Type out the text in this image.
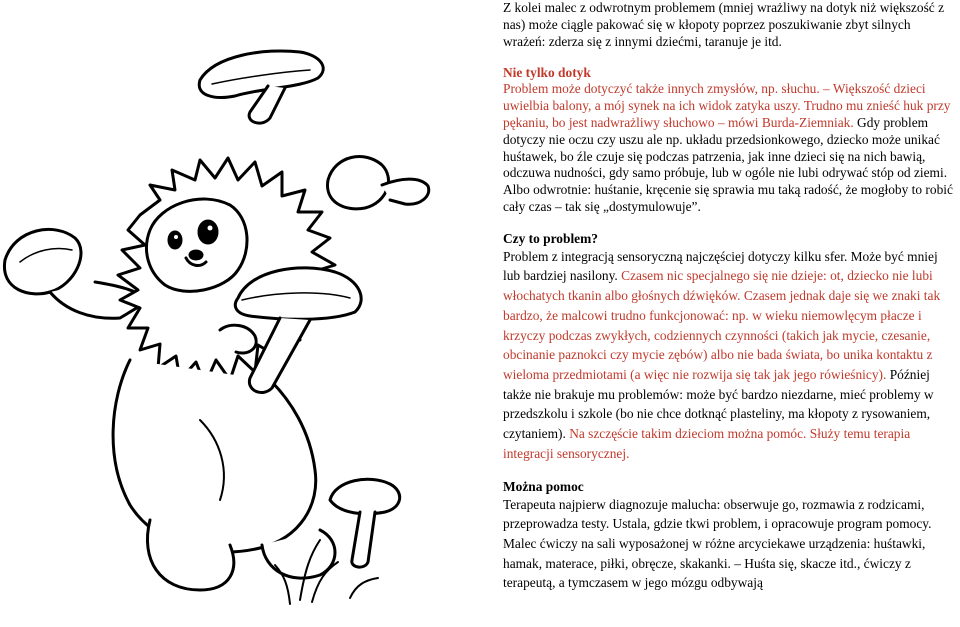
Z kolei malec z odwrotnym problemem (mniej wrażliwy na dotyk niż większość z nas) może ciągle pakować się w kłopoty poprzez poszukiwanie zbyt silnych wrażeń: zderza się z innymi dziećmi, taranuje je itd.

Nie tylko dotyk

Problem może dotyczyć także innych zmysłów, np. słuchu. – Większość dzieci uwielbia balony, a mój synek na ich widok zatyka uszy. Trudno mu znieść huk przy pękaniu, bo jest nadwrażliwy słuchowo – mówi Burda-Ziemniak. Gdy problem dotyczy nie oczu czy uszu ale np. układu przedsionkowego, dziecko może unikać huśtawek, bo źle czuje się podczas patrzenia, jak inne dzieci się na nich bawią, odczuwa nudności, gdy samo próbuje, lub w ogóle nie lubi odrywać stóp od ziemi. Albo odwrotnie: huśtanie, kręcenie się sprawia mu taką radość, że mogłoby to robić cały czas – tak się „dostymulowuje”.

Czy to problem?

Problem z integracją sensoryczną najczęściej dotyczy kilku sfer. Może być mniej lub bardziej nasilony. Czasem nic specjalnego się nie dzieje: ot, dziecko nie lubi włochatych tkanin albo głośnych dźwięków. Czasem jednak daje się we znaki tak bardzo, że malcowi trudno funkcjonować: np. w wieku niemowlęcym płacze i krzyczy podczas zwykłych, codziennych czynności (takich jak mycie, czesanie, obcinanie paznokci czy mycie zębów) albo nie bada świata, bo unika kontaktu z wieloma przedmiotami (a więc nie rozwija się tak jak jego rówieśnicy). Później także nie brakuje mu problemów: może być bardzo niezdarne, mieć problemy w przedszkolu i szkole (bo nie chce dotknąć plasteliny, ma kłopoty z rysowaniem, czytaniem). Na szczęście takim dzieciom można pomóc. Służy temu terapia integracji sensorycznej.

Można pomoc

Terapeuta najpierw diagnozuje malucha: obserwuje go, rozmawia z rodzicami, przeprowadza testy. Ustala, gdzie tkwi problem, i opracowuje program pomocy. Malec ćwiczy na sali wyposażonej w różne arcyciekawe urządzenia: huśtawki, hamak, materace, piłki, obręcze, skakanki. – Huśta się, skacze itd., ćwiczy z terapeutą, a tymczasem w jego mózgu odbywają
